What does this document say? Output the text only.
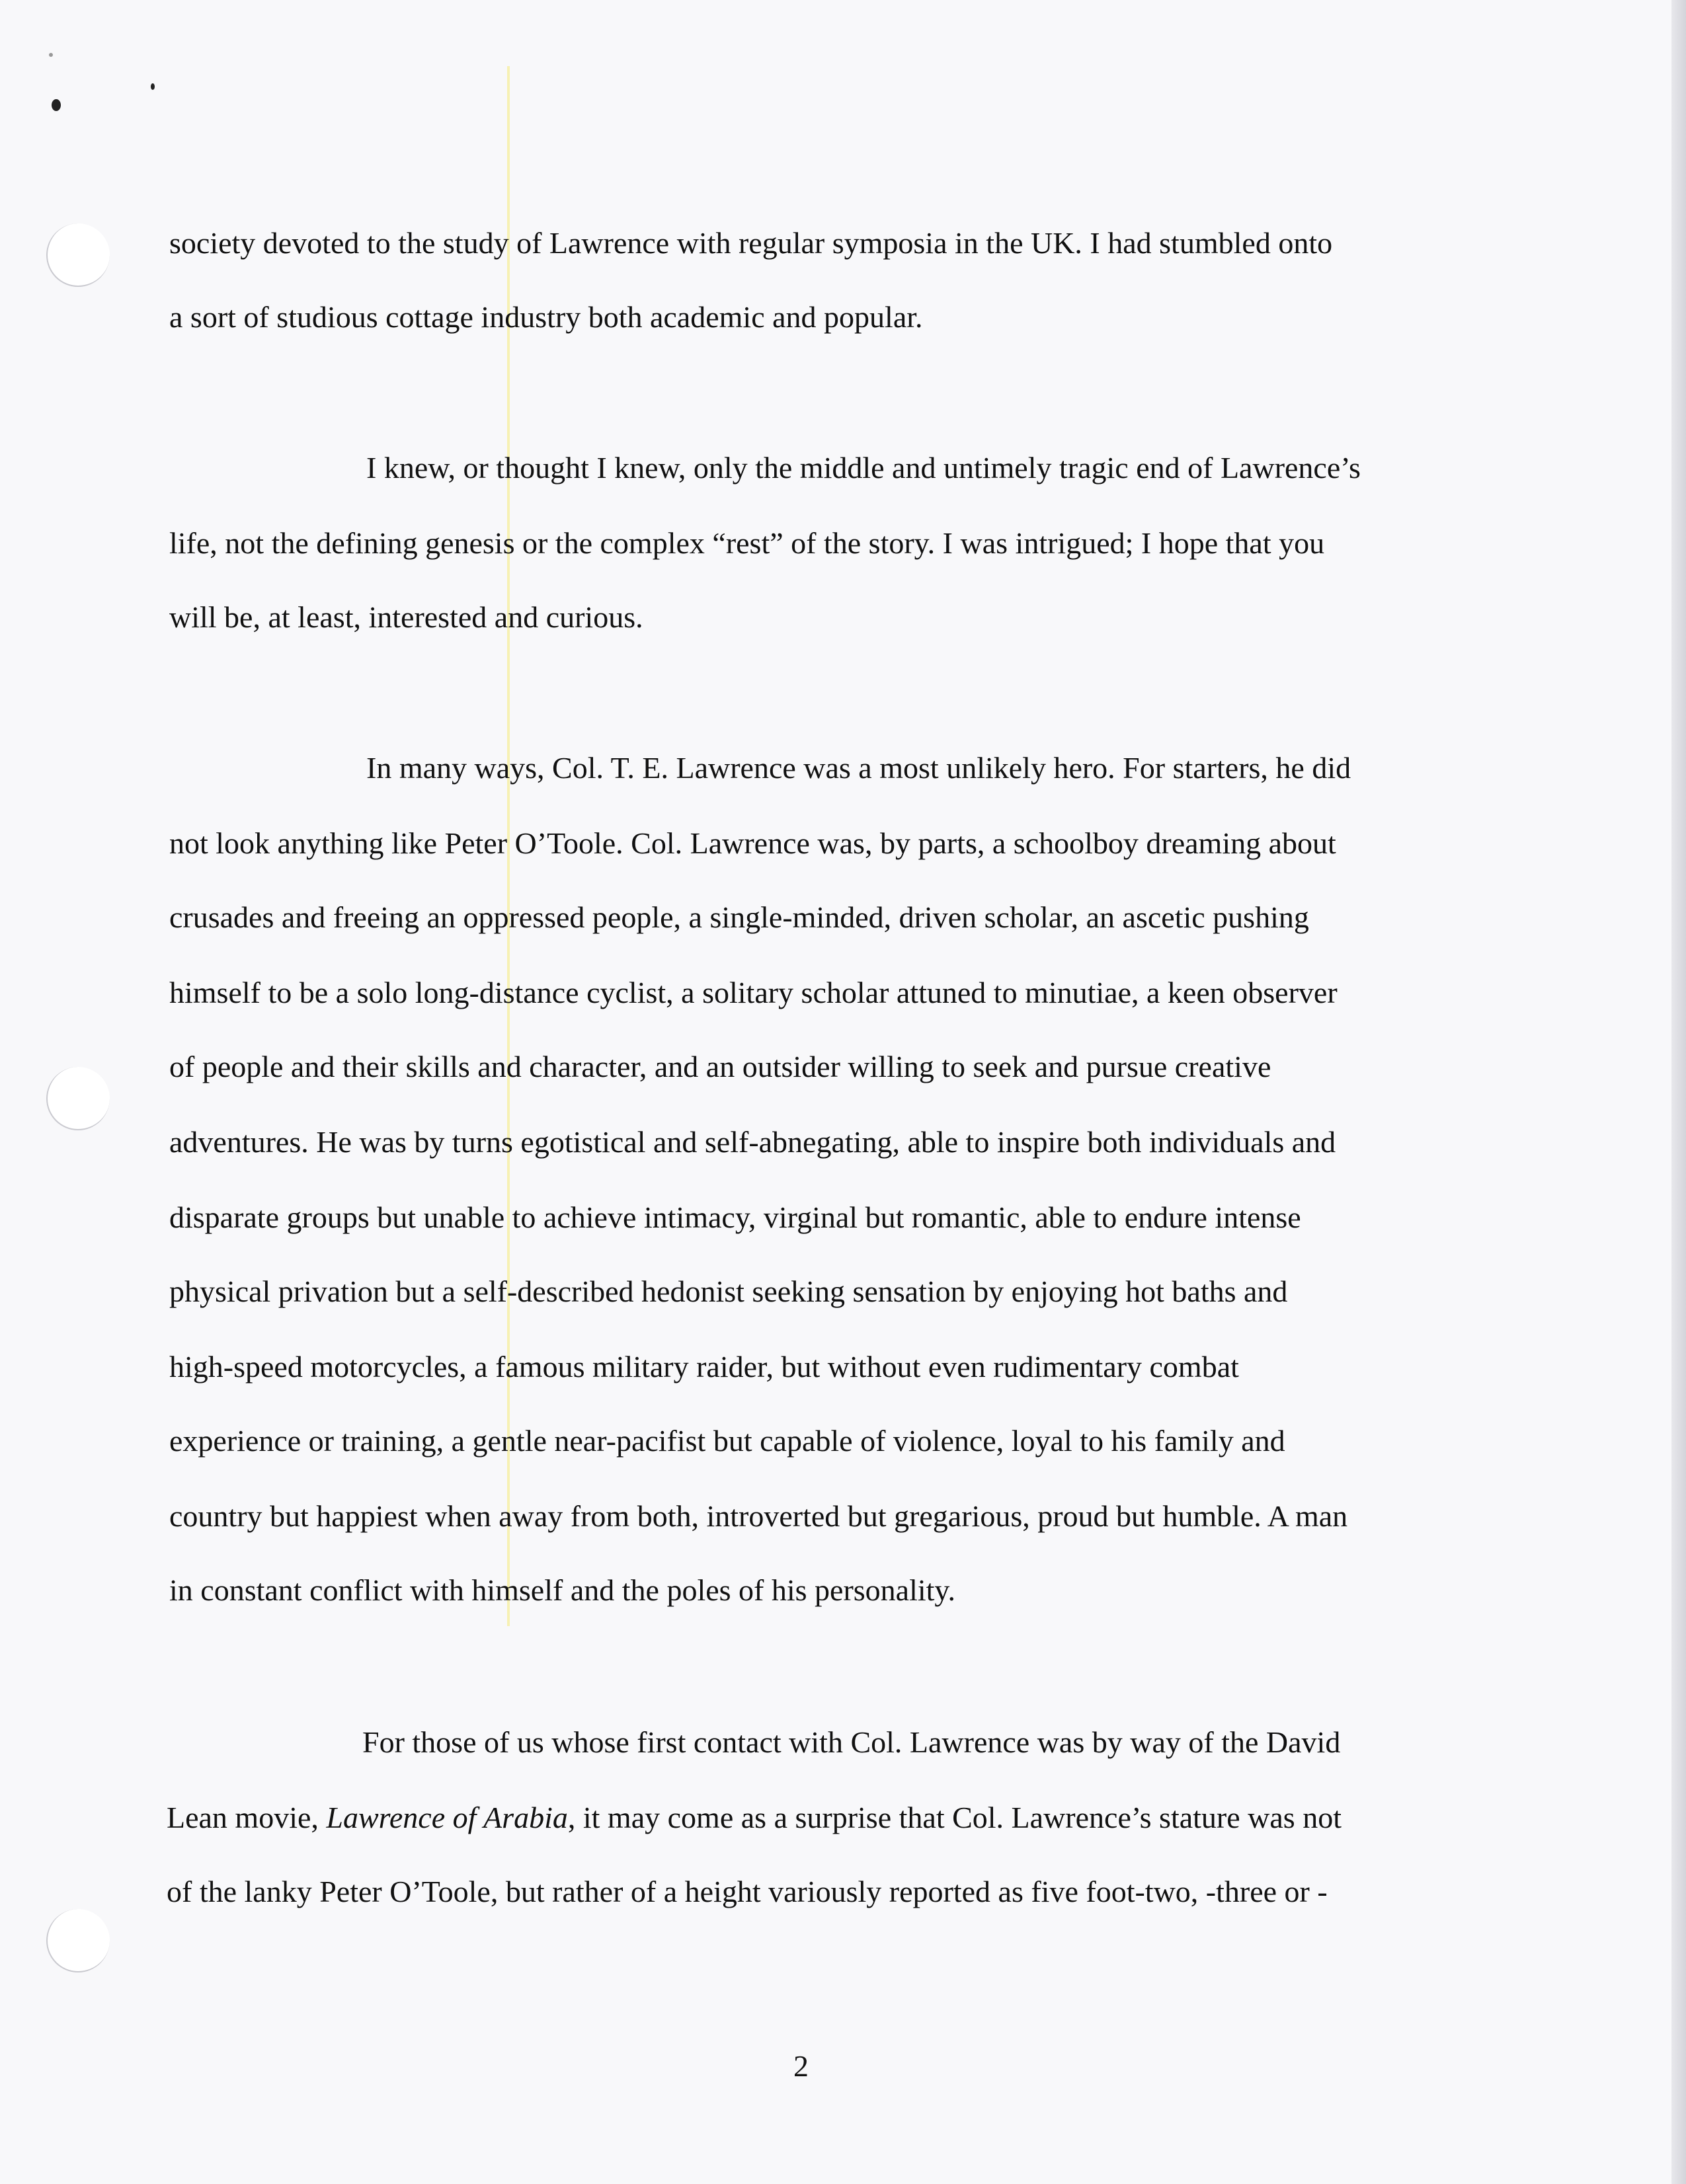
society devoted to the study of Lawrence with regular symposia in the UK. I had stumbled onto
a sort of studious cottage industry both academic and popular.
I knew, or thought I knew, only the middle and untimely tragic end of Lawrence’s
life, not the defining genesis or the complex “rest” of the story. I was intrigued; I hope that you
will be, at least, interested and curious.
In many ways, Col. T. E. Lawrence was a most unlikely hero. For starters, he did
not look anything like Peter O’Toole. Col. Lawrence was, by parts, a schoolboy dreaming about
crusades and freeing an oppressed people, a single-minded, driven scholar, an ascetic pushing
himself to be a solo long-distance cyclist, a solitary scholar attuned to minutiae, a keen observer
of people and their skills and character, and an outsider willing to seek and pursue creative
adventures. He was by turns egotistical and self-abnegating, able to inspire both individuals and
disparate groups but unable to achieve intimacy, virginal but romantic, able to endure intense
physical privation but a self-described hedonist seeking sensation by enjoying hot baths and
high-speed motorcycles, a famous military raider, but without even rudimentary combat
experience or training, a gentle near-pacifist but capable of violence, loyal to his family and
country but happiest when away from both, introverted but gregarious, proud but humble. A man
in constant conflict with himself and the poles of his personality.
For those of us whose first contact with Col. Lawrence was by way of the David
Lean movie, Lawrence of Arabia, it may come as a surprise that Col. Lawrence’s stature was not
of the lanky Peter O’Toole, but rather of a height variously reported as five foot-two, -three or -
2
